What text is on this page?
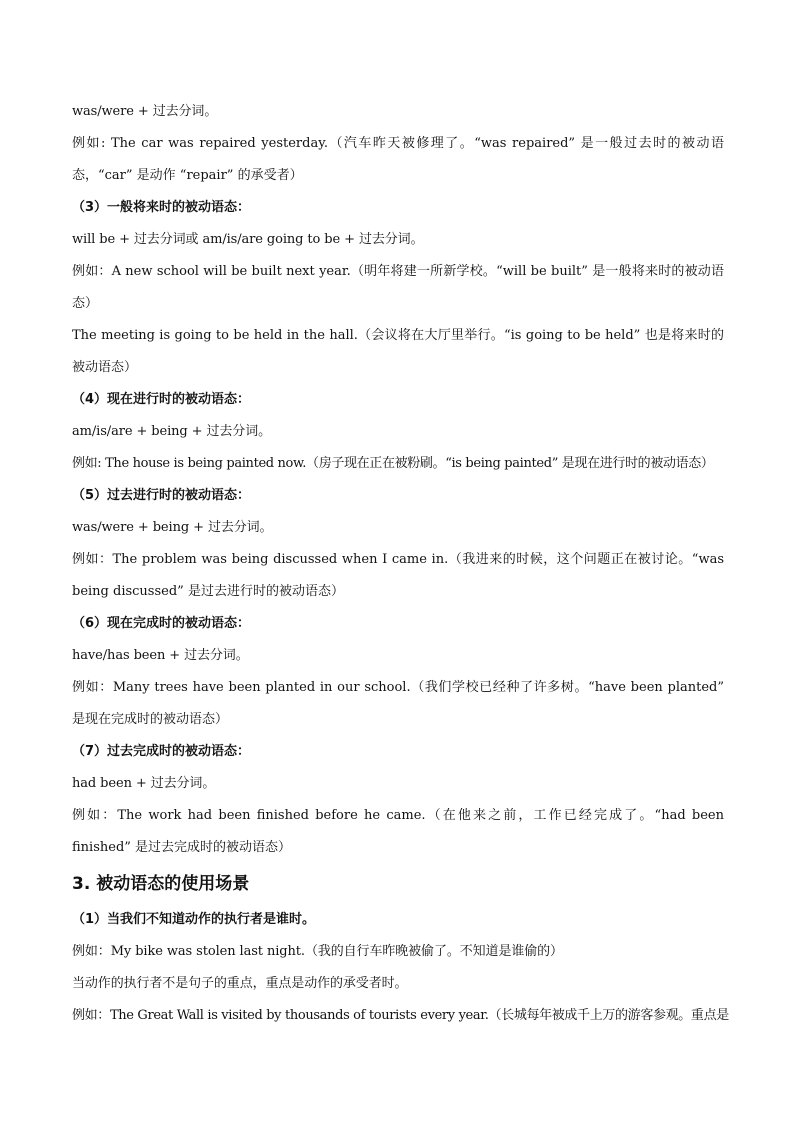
was/were + 过去分词。
例如: The car was repaired yesterday.（汽车昨天被修理了。“was repaired” 是一般过去时的被动语态，“car” 是动作 “repair” 的承受者）
（3）一般将来时的被动语态：
will be + 过去分词或 am/is/are going to be + 过去分词。
例如：A new school will be built next year.（明年将建一所新学校。“will be built” 是一般将来时的被动语态）
The meeting is going to be held in the hall.（会议将在大厅里举行。“is going to be held” 也是将来时的被动语态）
（4）现在进行时的被动语态：
am/is/are + being + 过去分词。
例如: The house is being painted now.（房子现在正在被粉刷。“is being painted” 是现在进行时的被动语态）
（5）过去进行时的被动语态：
was/were + being + 过去分词。
例如：The problem was being discussed when I came in.（我进来的时候，这个问题正在被讨论。“was being discussed” 是过去进行时的被动语态）
（6）现在完成时的被动语态：
have/has been + 过去分词。
例如：Many trees have been planted in our school.（我们学校已经种了许多树。“have been planted” 是现在完成时的被动语态）
（7）过去完成时的被动语态：
had been + 过去分词。
例如：The work had been finished before he came.（在他来之前，工作已经完成了。“had been finished” 是过去完成时的被动语态）
3. 被动语态的使用场景
（1）当我们不知道动作的执行者是谁时。
例如：My bike was stolen last night.（我的自行车昨晚被偷了。不知道是谁偷的）
当动作的执行者不是句子的重点，重点是动作的承受者时。
例如：The Great Wall is visited by thousands of tourists every year.（长城每年被成千上万的游客参观。重点是
